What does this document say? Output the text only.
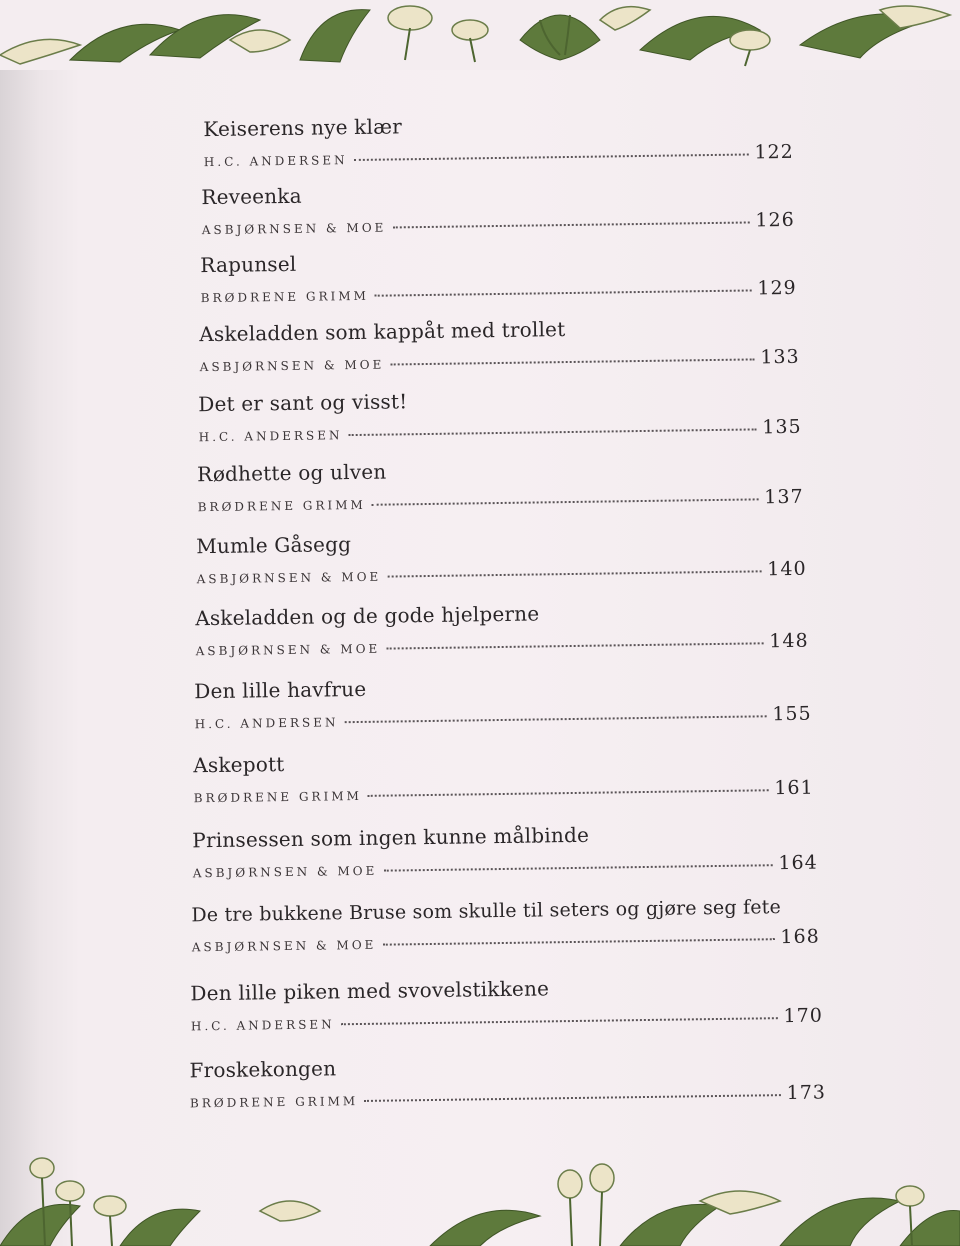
Keiserens nye klær
H.C. ANDERSEN	122
Reveenka
ASBJØRNSEN & MOE	126
Rapunsel
BRØDRENE GRIMM	129
Askeladden som kappåt med trollet
ASBJØRNSEN & MOE	133
Det er sant og visst!
H.C. ANDERSEN	135
Rødhette og ulven
BRØDRENE GRIMM	137
Mumle Gåsegg
ASBJØRNSEN & MOE	140
Askeladden og de gode hjelperne
ASBJØRNSEN & MOE	148
Den lille havfrue
H.C. ANDERSEN	155
Askepott
BRØDRENE GRIMM	161
Prinsessen som ingen kunne målbinde
ASBJØRNSEN & MOE	164
De tre bukkene Bruse som skulle til seters og gjøre seg fete
ASBJØRNSEN & MOE	168
Den lille piken med svovelstikkene
H.C. ANDERSEN	170
Froskekongen
BRØDRENE GRIMM	173
